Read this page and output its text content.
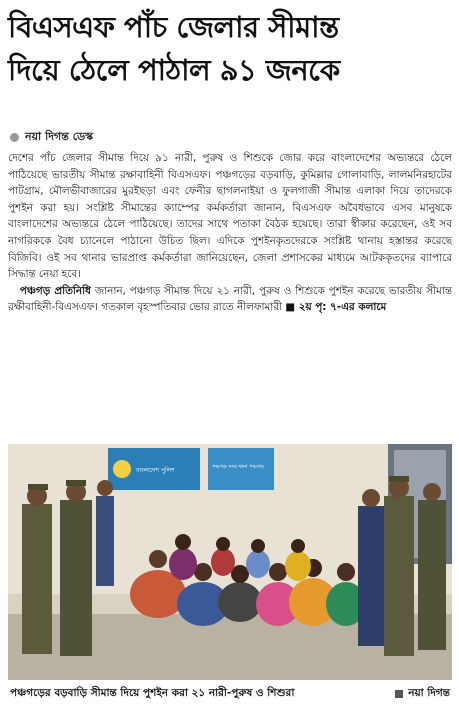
বিএসএফ পাঁচ জেলার সীমান্ত
দিয়ে ঠেলে পাঠাল ৯১ জনকে
নয়া দিগন্ত ডেস্ক

দেশের পাঁচ জেলার সীমান্ত দিয়ে ৯১ নারী, পুরুষ ও শিশুকে জোর করে বাংলাদেশের অভ্যন্তরে ঠেলে পাঠিয়েছে ভারতীয় সীমান্ত রক্ষাবাহিনী বিএসএফ। পঞ্চগড়ের বড়বাড়ি, কুমিল্লার গোলাবাড়ি, লালমনিরহাটের পাটগ্রাম, মৌলভীবাজারের মুরইছড়া এবং ফেনীর ছাগলনাইয়া ও ফুলগাজী সীমান্ত এলাকা দিয়ে তাদেরকে পুশইন করা হয়। সংশ্লিষ্ট সীমান্তের ক্যাম্পের কর্মকর্তারা জানান, বিএসএফ অবৈধভাবে এসব মানুষকে বাংলাদেশের অভ্যন্তরে ঠেলে পাঠিয়েছে। তাদের সাথে পতাকা বৈঠক হয়েছে। তারা স্বীকার করেছেন, ওই সব নাগরিককে বৈধ চ্যানেলে পাঠানো উচিত ছিল। এদিকে পুশইনকৃতদেরকে সংশ্লিষ্ট থানায় হস্তান্তর করেছে বিজিবি। ওই সব থানার ভারপ্রাপ্ত কর্মকর্তারা জানিয়েছেন, জেলা প্রশাসকের মাধ্যমে আটককৃতদের ব্যাপারে সিদ্ধান্ত নেয়া হবে।

পঞ্চগড় প্রতিনিধি জানান, পঞ্চগড় সীমান্ত দিয়ে ২১ নারী, পুরুষ ও শিশুকে পুশইন করেছে ভারতীয় সীমান্ত রক্ষীবাহিনী-বিএসএফ। গতকাল বৃহস্পতিবার ভোর রাতে নীলফামারী ■ ২য় পৃ: ৭-এর কলামে

বাংলাদেশ পুলিশ	পঞ্চগড় সদর থানা পঞ্চগড়
পঞ্চগড়ের বড়বাড়ি সীমান্ত দিয়ে পুশইন করা ২১ নারী-পুরুষ ও শিশুরা	নয়া দিগন্ত
